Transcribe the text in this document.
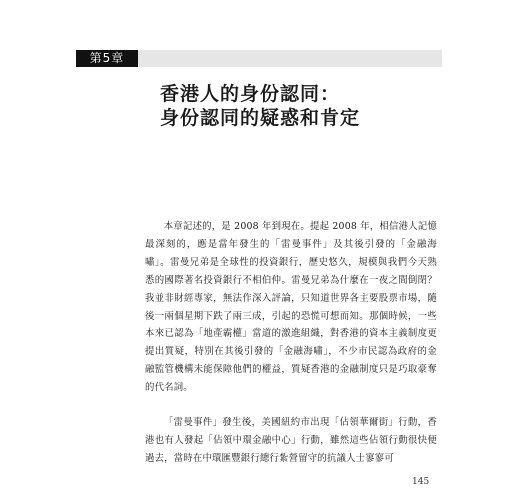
第5章
香港人的身份認同：
身份認同的疑惑和肯定

本章記述的，是 2008 年到現在。提起 2008 年，相信港人記憶最深刻的，應是當年發生的「雷曼事件」及其後引發的「金融海嘯」。雷曼兄弟是全球性的投資銀行，歷史悠久，規模與我們今天熟悉的國際著名投資銀行不相伯仲。雷曼兄弟為什麼在一夜之間倒閉？我並非財經專家，無法作深入評論，只知道世界各主要股票市場，隨後一兩個星期下跌了兩三成，引起的恐慌可想而知。那個時候，一些本來已認為「地產霸權」當道的激進組織，對香港的資本主義制度更提出質疑，特別在其後引發的「金融海嘯」，不少市民認為政府的金融監管機構未能保障他們的權益，質疑香港的金融制度只是巧取豪奪的代名詞。

「雷曼事件」發生後，美國紐約市出現「佔領華爾街」行動，香港也有人發起「佔領中環金融中心」行動，雖然這些佔領行動很快便過去，當時在中環匯豐銀行總行紮營留守的抗議人士寥寥可

145
